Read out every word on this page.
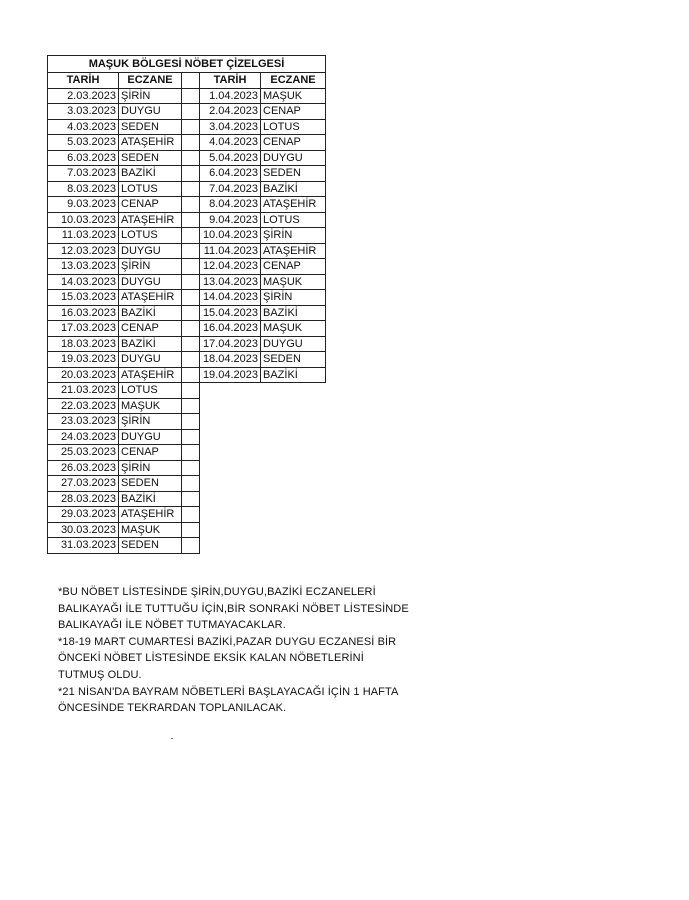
MAŞUK BÖLGESİ NÖBET ÇİZELGESİ
TARİH	ECZANE		TARİH	ECZANE
2.03.2023	ŞİRİN		1.04.2023	MAŞUK
3.03.2023	DUYGU		2.04.2023	CENAP
4.03.2023	SEDEN		3.04.2023	LOTUS
5.03.2023	ATAŞEHİR		4.04.2023	CENAP
6.03.2023	SEDEN		5.04.2023	DUYGU
7.03.2023	BAZİKİ		6.04.2023	SEDEN
8.03.2023	LOTUS		7.04.2023	BAZİKİ
9.03.2023	CENAP		8.04.2023	ATAŞEHİR
10.03.2023	ATAŞEHİR		9.04.2023	LOTUS
11.03.2023	LOTUS		10.04.2023	ŞİRİN
12.03.2023	DUYGU		11.04.2023	ATAŞEHİR
13.03.2023	ŞİRİN		12.04.2023	CENAP
14.03.2023	DUYGU		13.04.2023	MAŞUK
15.03.2023	ATAŞEHİR		14.04.2023	ŞİRİN
16.03.2023	BAZİKİ		15.04.2023	BAZİKİ
17.03.2023	CENAP		16.04.2023	MAŞUK
18.03.2023	BAZİKİ		17.04.2023	DUYGU
19.03.2023	DUYGU		18.04.2023	SEDEN
20.03.2023	ATAŞEHİR		19.04.2023	BAZİKİ
21.03.2023	LOTUS			
22.03.2023	MAŞUK			
23.03.2023	ŞİRİN			
24.03.2023	DUYGU			
25.03.2023	CENAP			
26.03.2023	ŞİRİN			
27.03.2023	SEDEN			
28.03.2023	BAZİKİ			
29.03.2023	ATAŞEHİR			
30.03.2023	MAŞUK			
31.03.2023	SEDEN			

*BU NÖBET LİSTESİNDE ŞİRİN,DUYGU,BAZİKİ ECZANELERİ

BALIKAYAĞI İLE TUTTUĞU İÇİN,BİR SONRAKİ NÖBET LİSTESİNDE

BALIKAYAĞI İLE NÖBET TUTMAYACAKLAR.

*18-19 MART CUMARTESİ BAZİKİ,PAZAR DUYGU ECZANESİ BİR

ÖNCEKİ NÖBET LİSTESİNDE EKSİK KALAN NÖBETLERİNİ

TUTMUŞ OLDU.

*21 NİSAN'DA BAYRAM NÖBETLERİ BAŞLAYACAĞI İÇİN 1 HAFTA

ÖNCESİNDE TEKRARDAN TOPLANILACAK.
